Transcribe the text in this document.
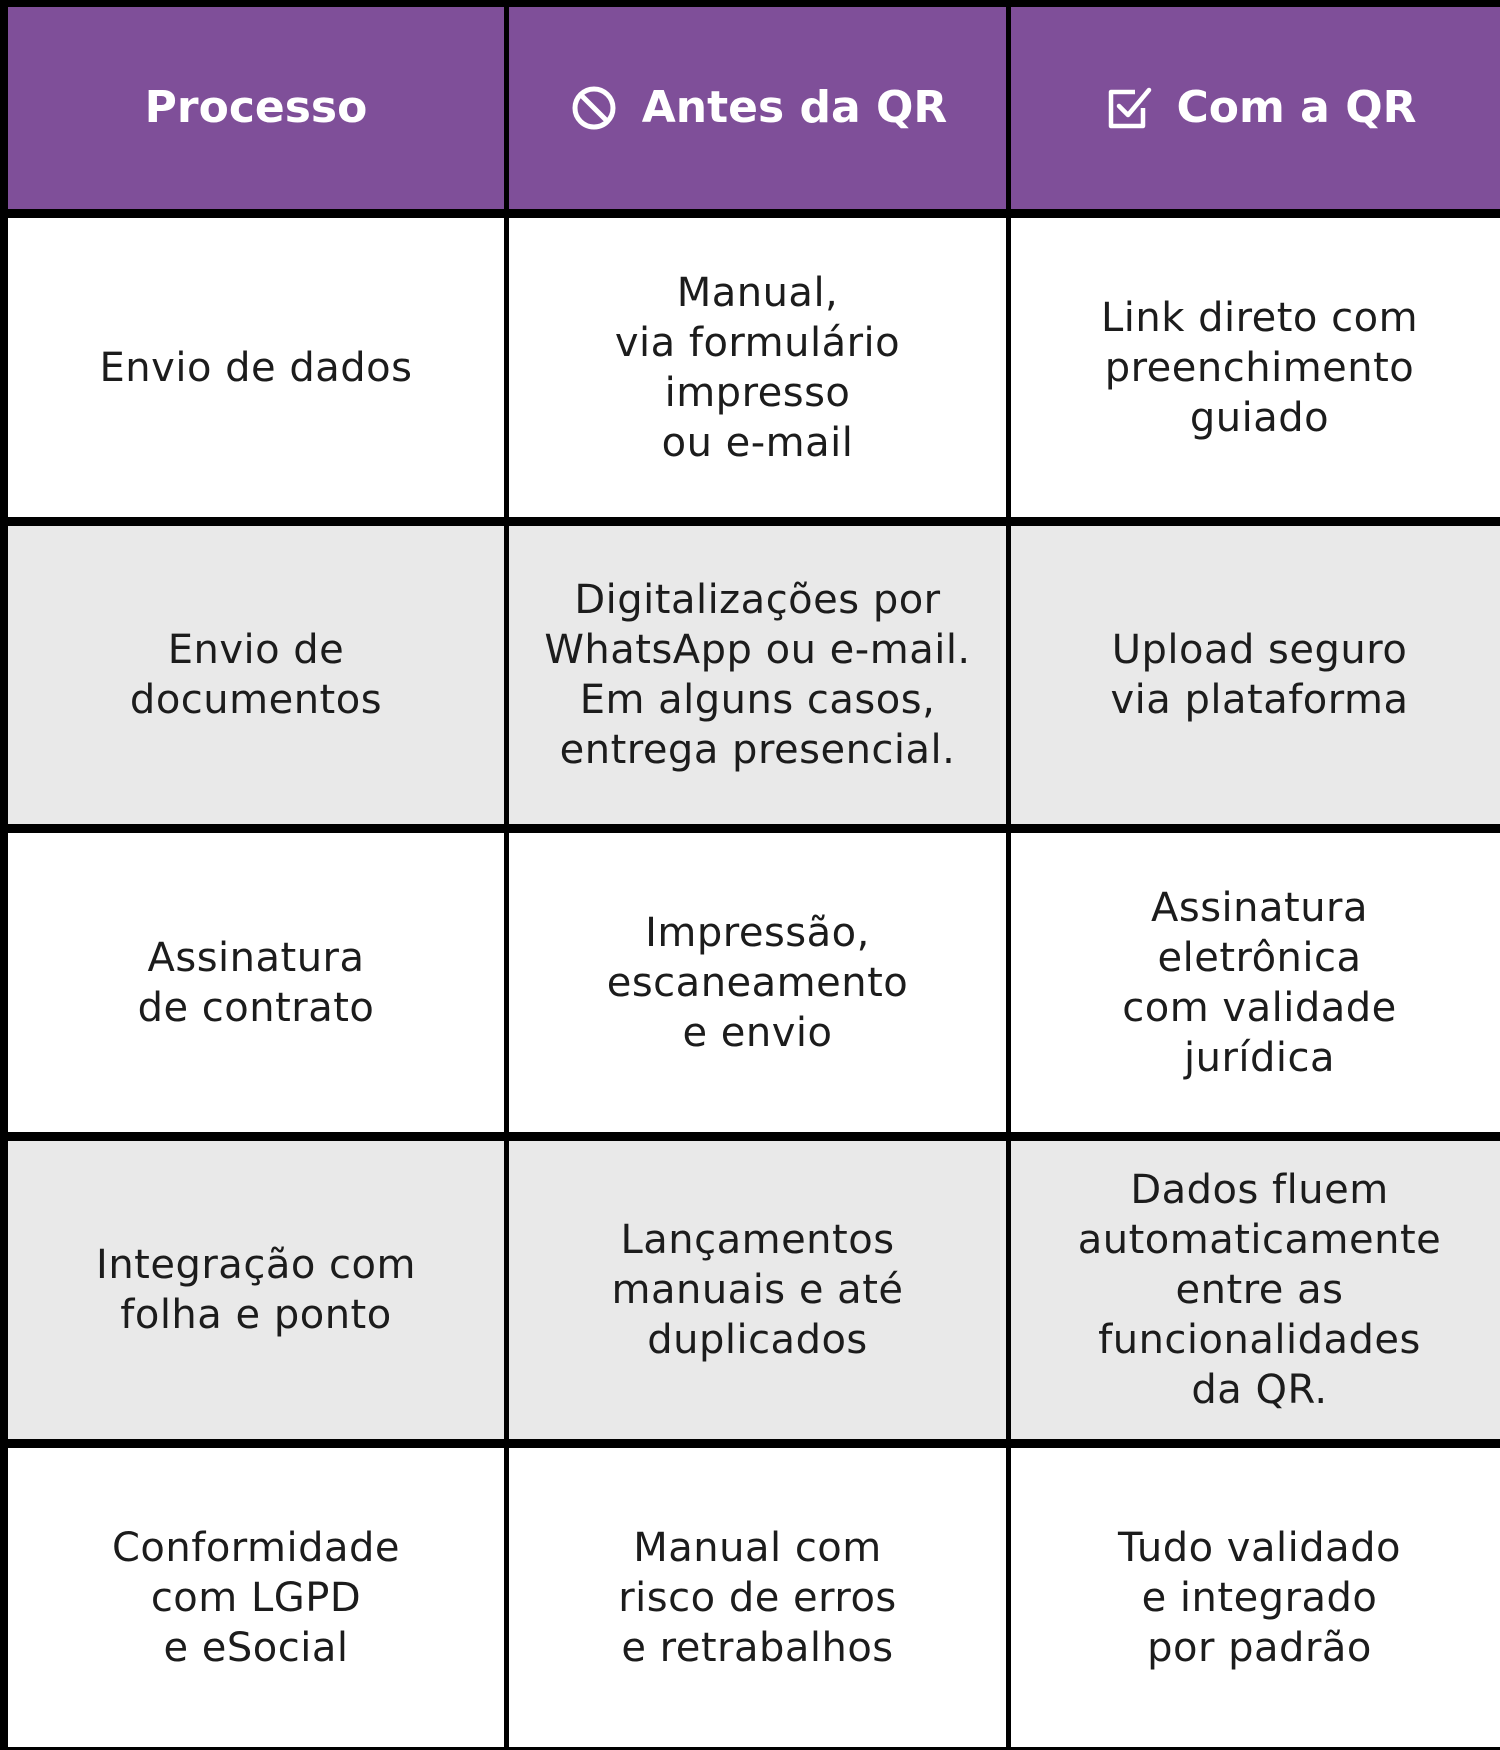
Processo	Antes da QR	Com a QR
Envio de dados
Manual,
via formulário
impresso
ou e-mail
Link direto com
preenchimento
guiado
Envio de
documentos
Digitalizações por
WhatsApp ou e-mail.
Em alguns casos,
entrega presencial.
Upload seguro
via plataforma
Assinatura
de contrato
Impressão,
escaneamento
e envio
Assinatura
eletrônica
com validade
jurídica
Integração com
folha e ponto
Lançamentos
manuais e até
duplicados
Dados fluem
automaticamente
entre as
funcionalidades
da QR.
Conformidade
com LGPD
e eSocial
Manual com
risco de erros
e retrabalhos
Tudo validado
e integrado
por padrão
